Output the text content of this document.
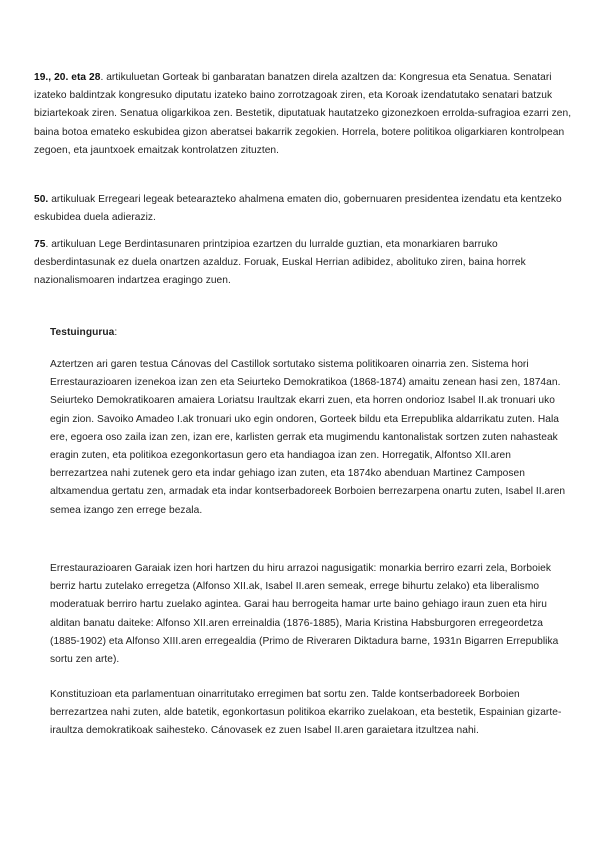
19., 20. eta 28. artikuluetan Gorteak bi ganbaratan banatzen direla azaltzen da: Kongresua eta Senatua. Senatari izateko baldintzak kongresuko diputatu izateko baino zorrotzagoak ziren, eta Koroak izendatutako senatari batzuk biziartekoak ziren. Senatua oligarkikoa zen. Bestetik, diputatuak hautatzeko gizonezkoen errolda-sufragioa ezarri zen, baina botoa emateko eskubidea gizon aberatsei bakarrik zegokien. Horrela, botere politikoa oligarkiaren kontrolpean zegoen, eta jauntxoek emaitzak kontrolatzen zituzten.

50. artikuluak Erregeari legeak betearazteko ahalmena ematen dio, gobernuaren presidentea izendatu eta kentzeko eskubidea duela adieraziz.

75. artikuluan Lege Berdintasunaren printzipioa ezartzen du lurralde guztian, eta monarkiaren barruko desberdintasunak ez duela onartzen azalduz. Foruak, Euskal Herrian adibidez, abolituko ziren, baina horrek nazionalismoaren indartzea eragingo zuen.

Testuingurua:

Aztertzen ari garen testua Cánovas del Castillok sortutako sistema politikoaren oinarria zen. Sistema hori Errestaurazioaren izenekoa izan zen eta Seiurteko Demokratikoa (1868-1874) amaitu zenean hasi zen, 1874an. Seiurteko Demokratikoaren amaiera Loriatsu Iraultzak ekarri zuen, eta horren ondorioz Isabel II.ak tronuari uko egin zion. Savoiko Amadeo I.ak tronuari uko egin ondoren, Gorteek bildu eta Errepublika aldarrikatu zuten. Hala ere, egoera oso zaila izan zen, izan ere, karlisten gerrak eta mugimendu kantonalistak sortzen zuten nahasteak eragin zuten, eta politikoa ezegonkortasun gero eta handiagoa izan zen. Horregatik, Alfontso XII.aren berrezartzea nahi zutenek gero eta indar gehiago izan zuten, eta 1874ko abenduan Martinez Camposen altxamendua gertatu zen, armadak eta indar kontserbadoreek Borboien berrezarpena onartu zuten, Isabel II.aren semea izango zen errege bezala.

Errestaurazioaren Garaiak izen hori hartzen du hiru arrazoi nagusigatik: monarkia berriro ezarri zela, Borboiek berriz hartu zutelako erregetza (Alfonso XII.ak, Isabel II.aren semeak, errege bihurtu zelako) eta liberalismo moderatuak berriro hartu zuelako agintea. Garai hau berrogeita hamar urte baino gehiago iraun zuen eta hiru alditan banatu daiteke: Alfonso XII.aren erreinaldia (1876-1885), Maria Kristina Habsburgoren erregeordetza (1885-1902) eta Alfonso XIII.aren erregealdia (Primo de Riveraren Diktadura barne, 1931n Bigarren Errepublika sortu zen arte).

Konstituzioan eta parlamentuan oinarritutako erregimen bat sortu zen. Talde kontserbadoreek Borboien berrezartzea nahi zuten, alde batetik, egonkortasun politikoa ekarriko zuelakoan, eta bestetik, Espainian gizarte-iraultza demokratikoak saihesteko. Cánovasek ez zuen Isabel II.aren garaietara itzultzea nahi.
